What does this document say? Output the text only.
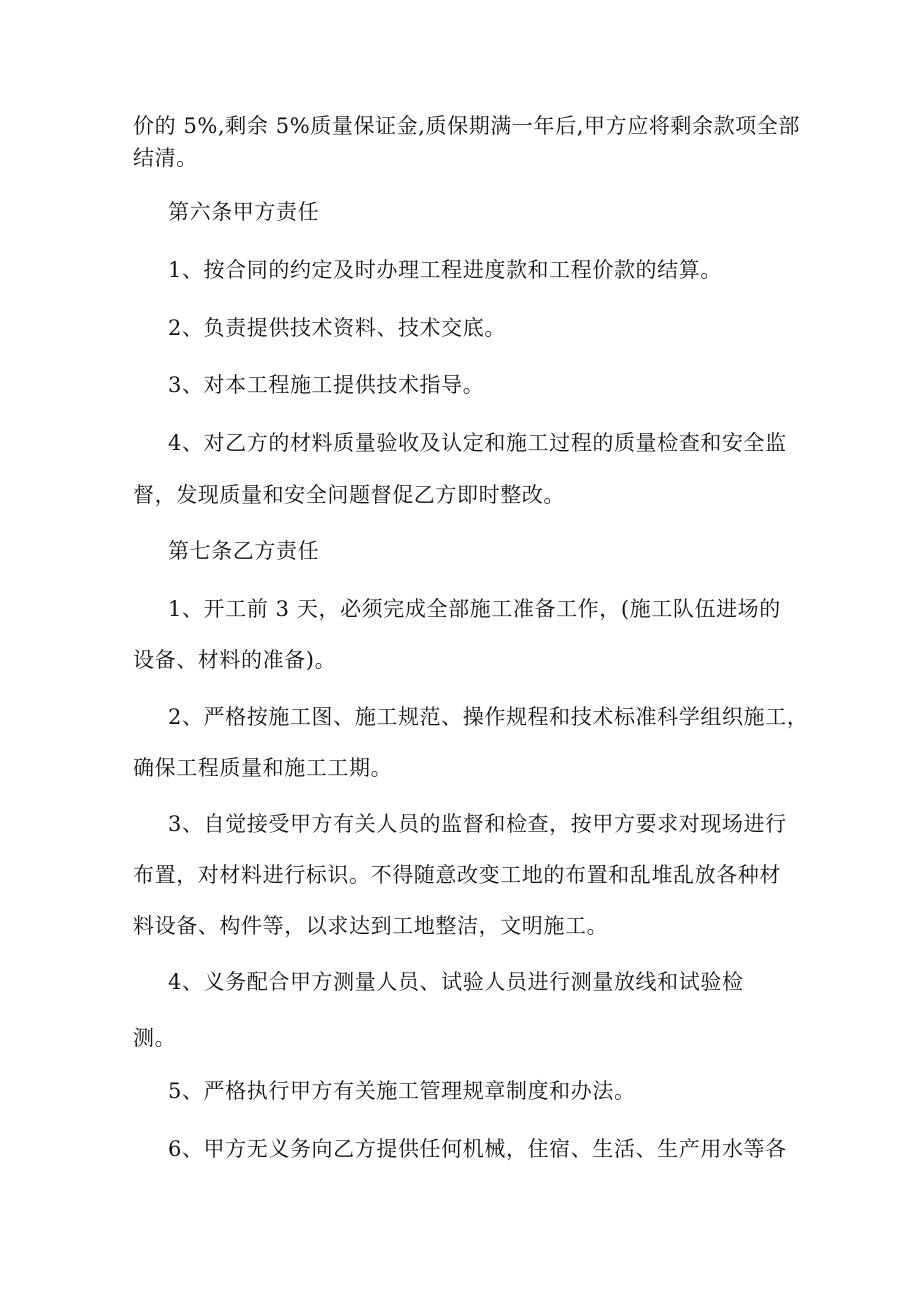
价的 5%,剩余 5%质量保证金,质保期满一年后,甲方应将剩余款项全部
结清。
第六条甲方责任
1、按合同的约定及时办理工程进度款和工程价款的结算。
2、负责提供技术资料、技术交底。
3、对本工程施工提供技术指导。
4、对乙方的材料质量验收及认定和施工过程的质量检查和安全监
督，发现质量和安全问题督促乙方即时整改。
第七条乙方责任
1、开工前 3 天，必须完成全部施工准备工作，(施工队伍进场的
设备、材料的准备)。
2、严格按施工图、施工规范、操作规程和技术标准科学组织施工，
确保工程质量和施工工期。
3、自觉接受甲方有关人员的监督和检查，按甲方要求对现场进行
布置，对材料进行标识。不得随意改变工地的布置和乱堆乱放各种材
料设备、构件等，以求达到工地整洁，文明施工。
4、义务配合甲方测量人员、试验人员进行测量放线和试验检
测。
5、严格执行甲方有关施工管理规章制度和办法。
6、甲方无义务向乙方提供任何机械，住宿、生活、生产用水等各
